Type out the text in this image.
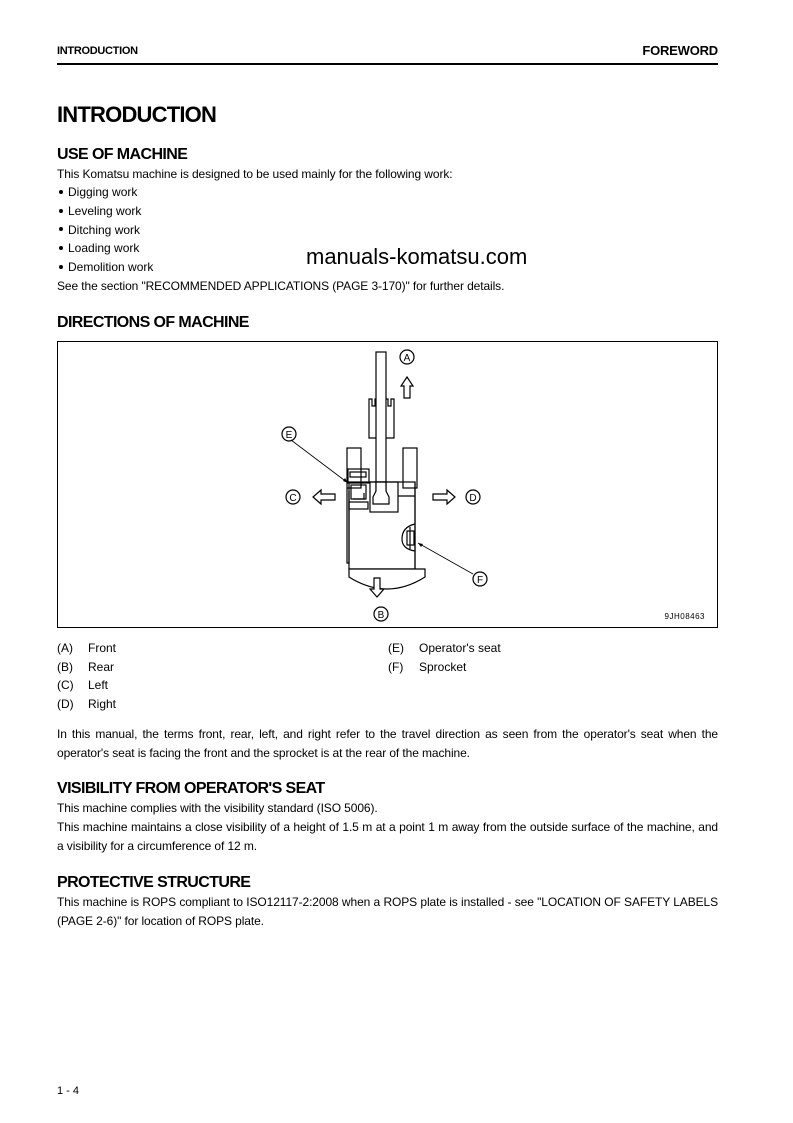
INTRODUCTION	FOREWORD
INTRODUCTION
USE OF MACHINE
This Komatsu machine is designed to be used mainly for the following work:
Digging work
Leveling work
Ditching work
Loading work
Demolition work	manuals-komatsu.com
See the section "RECOMMENDED APPLICATIONS (PAGE 3-170)" for further details.
DIRECTIONS OF MACHINE
A
E
C	D
F
B	9JH08463
(A) Front
(B) Rear
(C) Left
(D) Right
(E) Operator's seat
(F) Sprocket
In this manual, the terms front, rear, left, and right refer to the travel direction as seen from the operator's seat when the operator's seat is facing the front and the sprocket is at the rear of the machine.
VISIBILITY FROM OPERATOR'S SEAT
This machine complies with the visibility standard (ISO 5006).
This machine maintains a close visibility of a height of 1.5 m at a point 1 m away from the outside surface of the machine, and a visibility for a circumference of 12 m.
PROTECTIVE STRUCTURE
This machine is ROPS compliant to ISO12117-2:2008 when a ROPS plate is installed - see "LOCATION OF SAFETY LABELS (PAGE 2-6)" for location of ROPS plate.
1 - 4
